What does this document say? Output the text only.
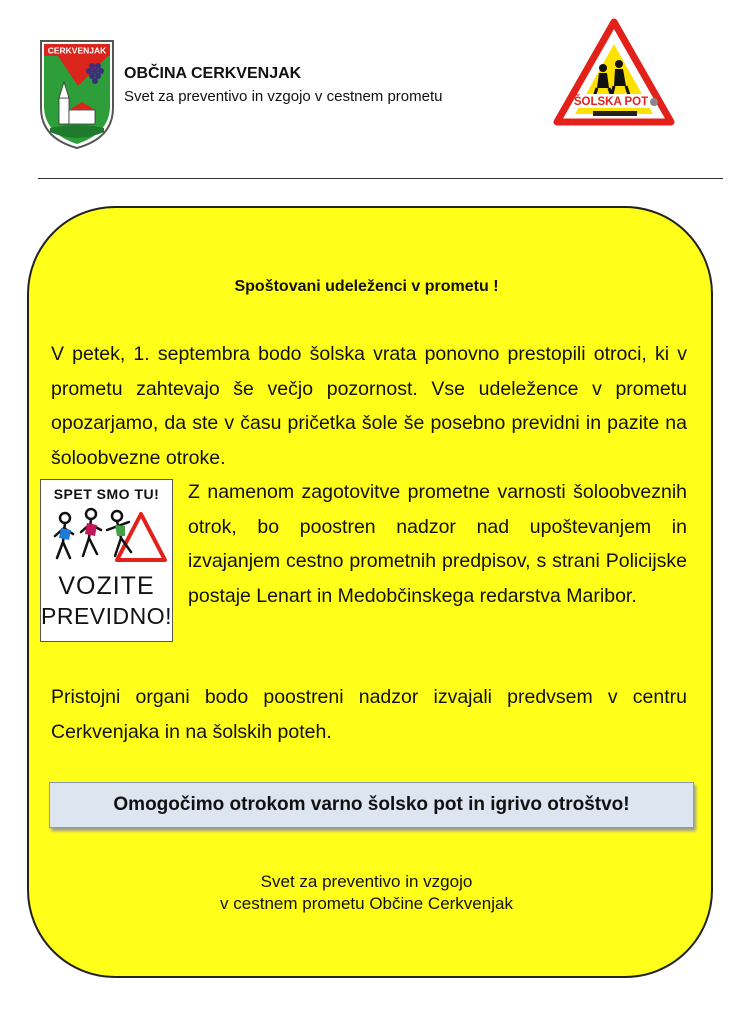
CERKVENJAK
OBČINA CERKVENJAK
Svet za preventivo in vzgojo v cestnem prometu	ŠOLSKA POT
Spoštovani udeleženci v prometu !

V petek, 1. septembra bodo šolska vrata ponovno prestopili otroci, ki v prometu zahtevajo še večjo pozornost. Vse udeležence v prometu opozarjamo, da ste v času pričetka šole še posebno previdni in pazite na šoloobvezne otroke.

SPET SMO TU!
VOZITE
PREVIDNO!

Z namenom zagotovitve prometne varnosti šoloobveznih otrok, bo poostren nadzor nad upoštevanjem in izvajanjem cestno prometnih predpisov, s strani Policijske postaje Lenart in Medobčinskega redarstva Maribor.

Pristojni organi bodo poostreni nadzor izvajali predvsem v centru Cerkvenjaka in na šolskih poteh.

Omogočimo otrokom varno šolsko pot in igrivo otroštvo!
Svet za preventivo in vzgojo
v cestnem prometu Občine Cerkvenjak
